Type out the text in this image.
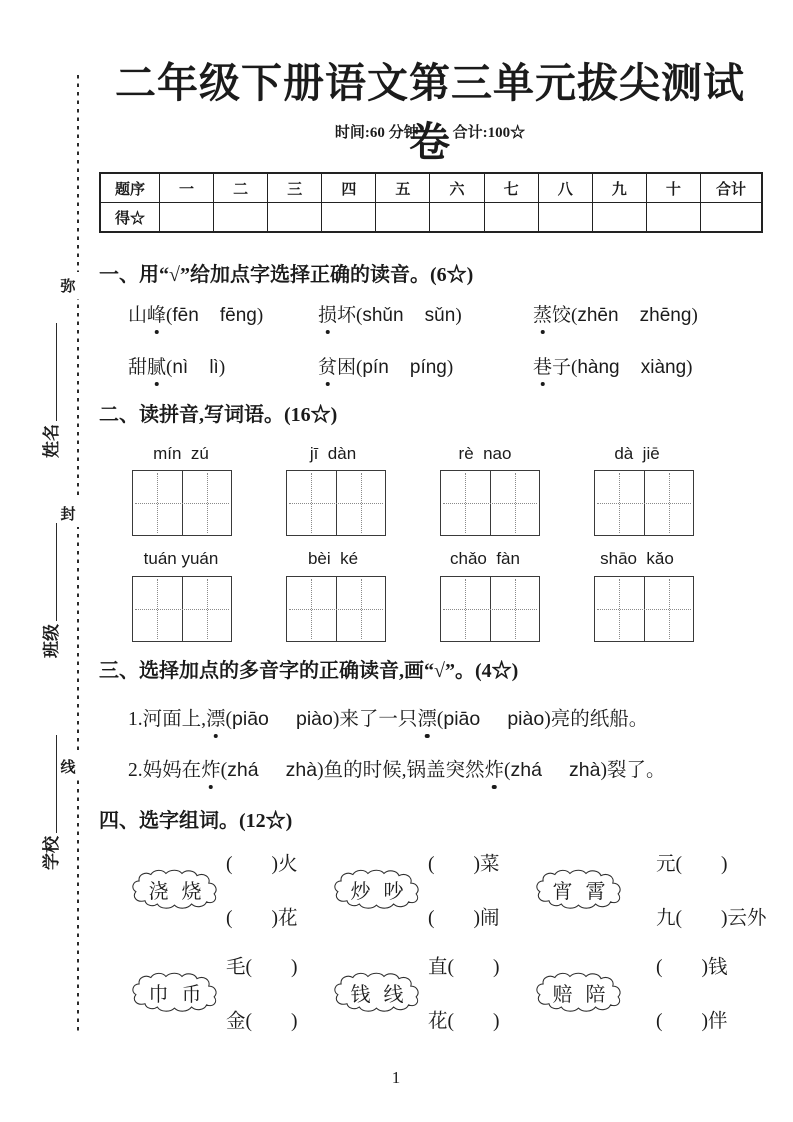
弥
封
线
姓名
班级
学校
二年级下册语文第三单元拔尖测试卷
时间:60 分钟 合计:100☆
题序	一	二	三	四	五	六	七	八	九	十	合计
得☆											
一、用“√”给加点字选择正确的读音。(6☆)
山峰(fēn    fēng)	损坏(shǔn    sǔn)	蒸饺(zhēn    zhēng)
甜腻(nì    lì)	贫困(pín    píng)	巷子(hàng    xiàng)
二、读拼音,写词语。(16☆)
mín  zú	jī  dàn	rè  nao	dà  jiē
tuán yuán	bèi  ké	chǎo  fàn	shāo  kǎo
三、选择加点的多音字的正确读音,画“√”。(4☆)
1.河面上,漂(piāo     piào)来了一只漂(piāo     piào)亮的纸船。
2.妈妈在炸(zhá     zhà)鱼的时候,锅盖突然炸(zhá     zhà)裂了。
四、选字组词。(12☆)
浇 烧
(　　)火
(　　)花
炒 吵
(　　)菜
(　　)闹
宵 霄
元(　　)
九(　　)云外
巾 币
毛(　　)
金(　　)
钱 线
直(　　)
花(　　)
赔 陪
(　　)钱
(　　)伴
1
